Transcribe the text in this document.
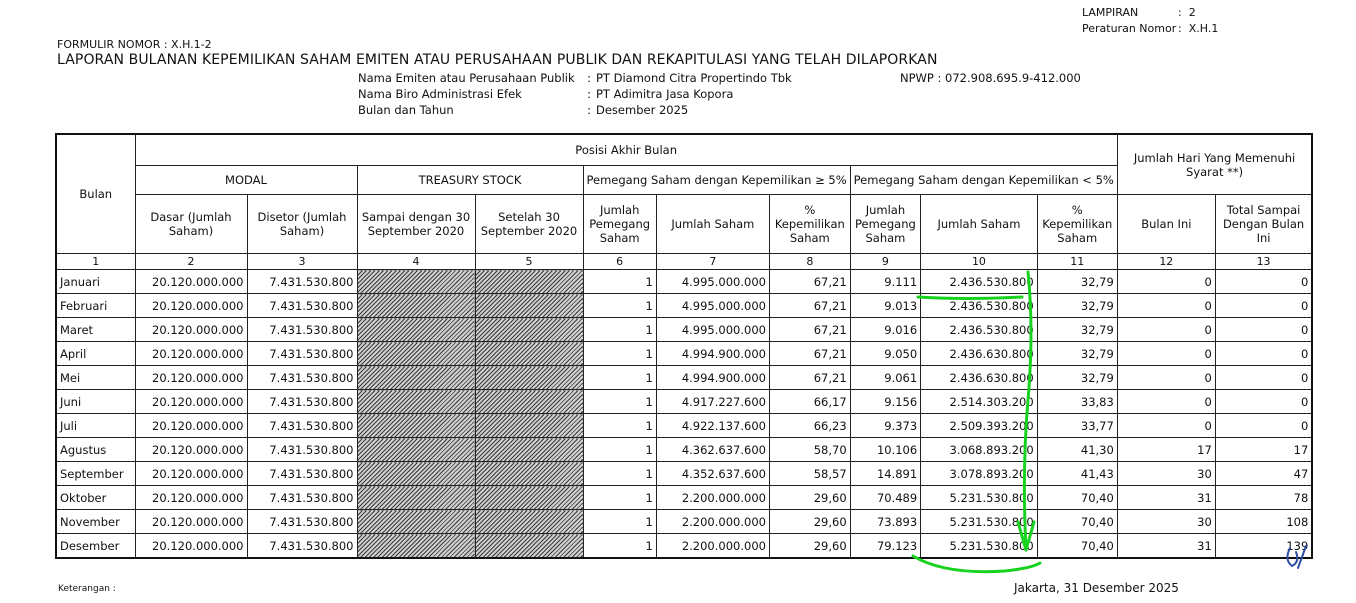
LAMPIRAN	: 2
Peraturan Nomor : X.H.1
FORMULIR NOMOR : X.H.1-2
LAPORAN BULANAN KEPEMILIKAN SAHAM EMITEN ATAU PERUSAHAAN PUBLIK DAN REKAPITULASI YANG TELAH DILAPORKAN
Nama Emiten atau Perusahaan Publik : PT Diamond Citra Propertindo Tbk	NPWP : 072.908.695.9-412.000
Nama Biro Administrasi Efek	: PT Adimitra Jasa Kopora
Bulan dan Tahun	: Desember 2025
Bulan	Posisi Akhir Bulan										Jumlah Hari Yang Memenuhi Syarat **)	
	MODAL		TREASURY STOCK		Pemegang Saham dengan Kepemilikan ≥ 5%			Pemegang Saham dengan Kepemilikan < 5%				
	Dasar (Jumlah Saham)	Disetor (Jumlah Saham)	Sampai dengan 30 September 2020	Setelah 30 September 2020	Jumlah Pemegang Saham	Jumlah Saham	% Kepemilikan Saham	Jumlah Pemegang Saham	Jumlah Saham	% Kepemilikan Saham	Bulan Ini	Total Sampai Dengan Bulan Ini
1	2	3	4	5	6	7	8	9	10	11	12	13
Januari	20.120.000.000	7.431.530.800			1	4.995.000.000	67,21	9.111	2.436.530.800	32,79	0	0
Februari	20.120.000.000	7.431.530.800			1	4.995.000.000	67,21	9.013	2.436.530.800	32,79	0	0
Maret	20.120.000.000	7.431.530.800			1	4.995.000.000	67,21	9.016	2.436.530.800	32,79	0	0
April	20.120.000.000	7.431.530.800			1	4.994.900.000	67,21	9.050	2.436.630.800	32,79	0	0
Mei	20.120.000.000	7.431.530.800			1	4.994.900.000	67,21	9.061	2.436.630.800	32,79	0	0
Juni	20.120.000.000	7.431.530.800			1	4.917.227.600	66,17	9.156	2.514.303.200	33,83	0	0
Juli	20.120.000.000	7.431.530.800			1	4.922.137.600	66,23	9.373	2.509.393.200	33,77	0	0
Agustus	20.120.000.000	7.431.530.800			1	4.362.637.600	58,70	10.106	3.068.893.200	41,30	17	17
September	20.120.000.000	7.431.530.800			1	4.352.637.600	58,57	14.891	3.078.893.200	41,43	30	47
Oktober	20.120.000.000	7.431.530.800			1	2.200.000.000	29,60	70.489	5.231.530.800	70,40	31	78
November	20.120.000.000	7.431.530.800			1	2.200.000.000	29,60	73.893	5.231.530.800	70,40	30	108
Desember	20.120.000.000	7.431.530.800			1	2.200.000.000	29,60	79.123	5.231.530.800	70,40	31	139
Keterangan :	Jakarta, 31 Desember 2025
